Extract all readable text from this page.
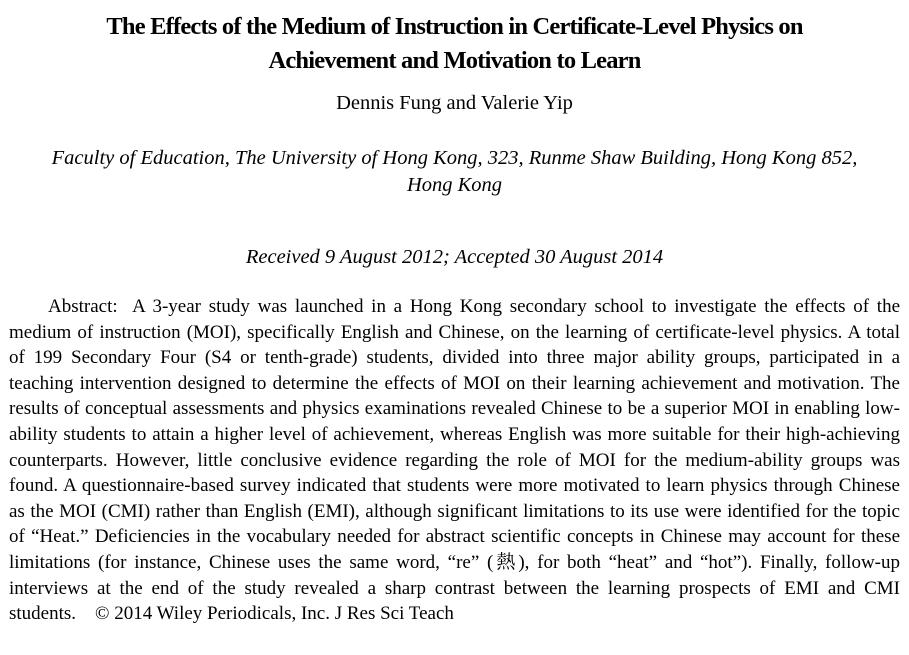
The Effects of the Medium of Instruction in Certificate-Level Physics on
Achievement and Motivation to Learn

Dennis Fung and Valerie Yip

Faculty of Education, The University of Hong Kong, 323, Runme Shaw Building, Hong Kong 852,
Hong Kong

Received 9 August 2012; Accepted 30 August 2014

Abstract: A 3-year study was launched in a Hong Kong secondary school to investigate the effects of the medium of instruction (MOI), specifically English and Chinese, on the learning of certificate-level physics. A total of 199 Secondary Four (S4 or tenth-grade) students, divided into three major ability groups, participated in a teaching intervention designed to determine the effects of MOI on their learning achievement and motivation. The results of conceptual assessments and physics examinations revealed Chinese to be a superior MOI in enabling low-ability students to attain a higher level of achievement, whereas English was more suitable for their high-achieving counterparts. However, little conclusive evidence regarding the role of MOI for the medium-ability groups was found. A questionnaire-based survey indicated that students were more motivated to learn physics through Chinese as the MOI (CMI) rather than English (EMI), although significant limitations to its use were identified for the topic of “Heat.” Deficiencies in the vocabulary needed for abstract scientific concepts in Chinese may account for these limitations (for instance, Chinese uses the same word, “re” (熱), for both “heat” and “hot”). Finally, follow-up interviews at the end of the study revealed a sharp contrast between the learning prospects of EMI and CMI students. © 2014 Wiley Periodicals, Inc. J Res Sci Teach
